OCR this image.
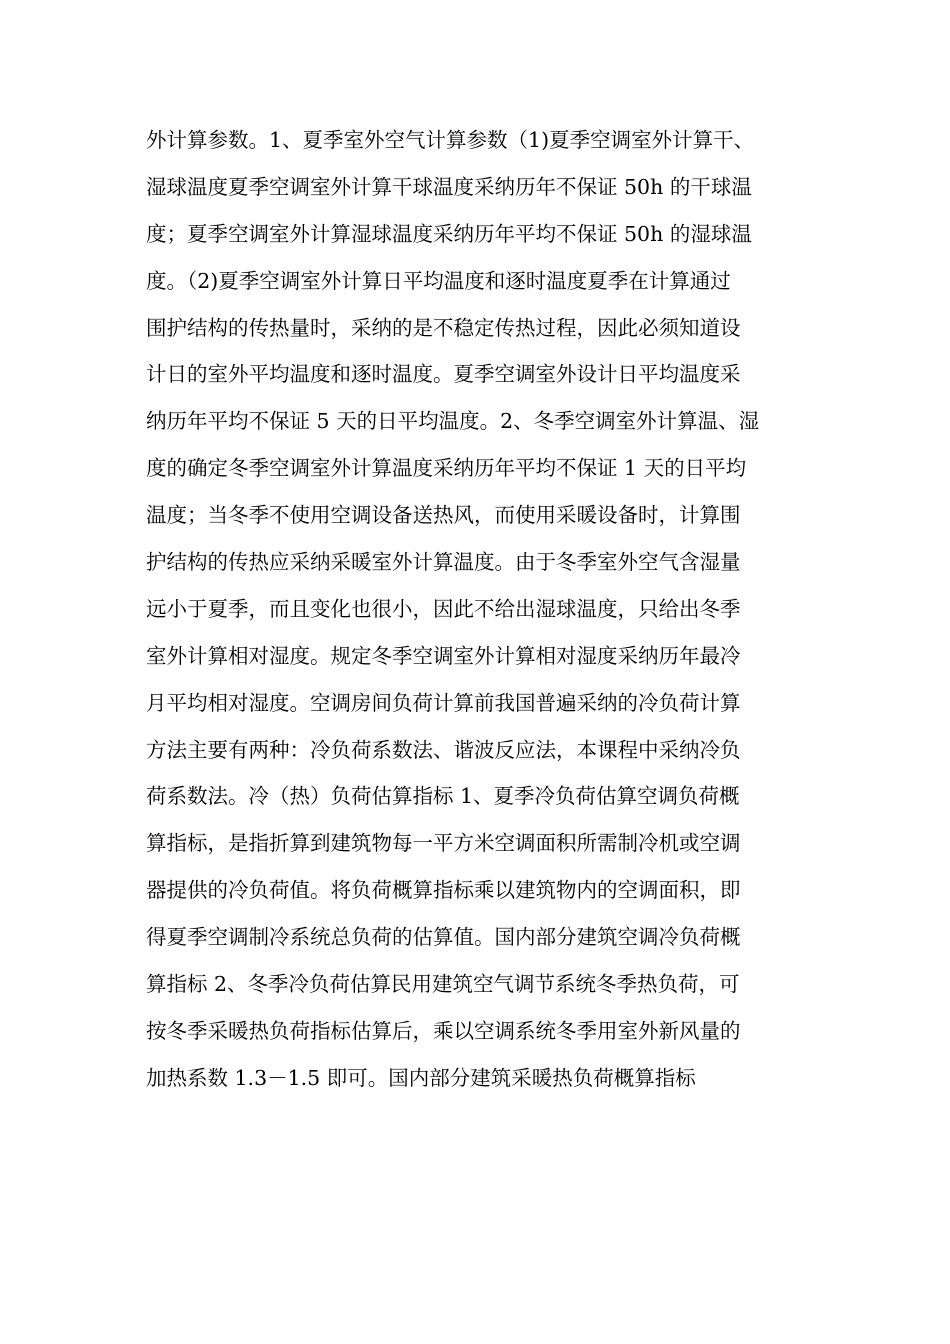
外计算参数。1、夏季室外空气计算参数（1)夏季空调室外计算干、
湿球温度夏季空调室外计算干球温度采纳历年不保证 50h 的干球温
度；夏季空调室外计算湿球温度采纳历年平均不保证 50h 的湿球温
度。（2)夏季空调室外计算日平均温度和逐时温度夏季在计算通过
围护结构的传热量时，采纳的是不稳定传热过程，因此必须知道设
计日的室外平均温度和逐时温度。夏季空调室外设计日平均温度采
纳历年平均不保证 5 天的日平均温度。2、冬季空调室外计算温、湿
度的确定冬季空调室外计算温度采纳历年平均不保证 1 天的日平均
温度；当冬季不使用空调设备送热风，而使用采暖设备时，计算围
护结构的传热应采纳采暖室外计算温度。由于冬季室外空气含湿量
远小于夏季，而且变化也很小，因此不给出湿球温度，只给出冬季
室外计算相对湿度。规定冬季空调室外计算相对湿度采纳历年最冷
月平均相对湿度。空调房间负荷计算前我国普遍采纳的冷负荷计算
方法主要有两种：冷负荷系数法、谐波反应法，本课程中采纳冷负
荷系数法。冷（热）负荷估算指标 1、夏季冷负荷估算空调负荷概
算指标，是指折算到建筑物每一平方米空调面积所需制冷机或空调
器提供的冷负荷值。将负荷概算指标乘以建筑物内的空调面积，即
得夏季空调制冷系统总负荷的估算值。国内部分建筑空调冷负荷概
算指标 2、冬季冷负荷估算民用建筑空气调节系统冬季热负荷，可
按冬季采暖热负荷指标估算后，乘以空调系统冬季用室外新风量的
加热系数 1.3－1.5 即可。国内部分建筑采暖热负荷概算指标
